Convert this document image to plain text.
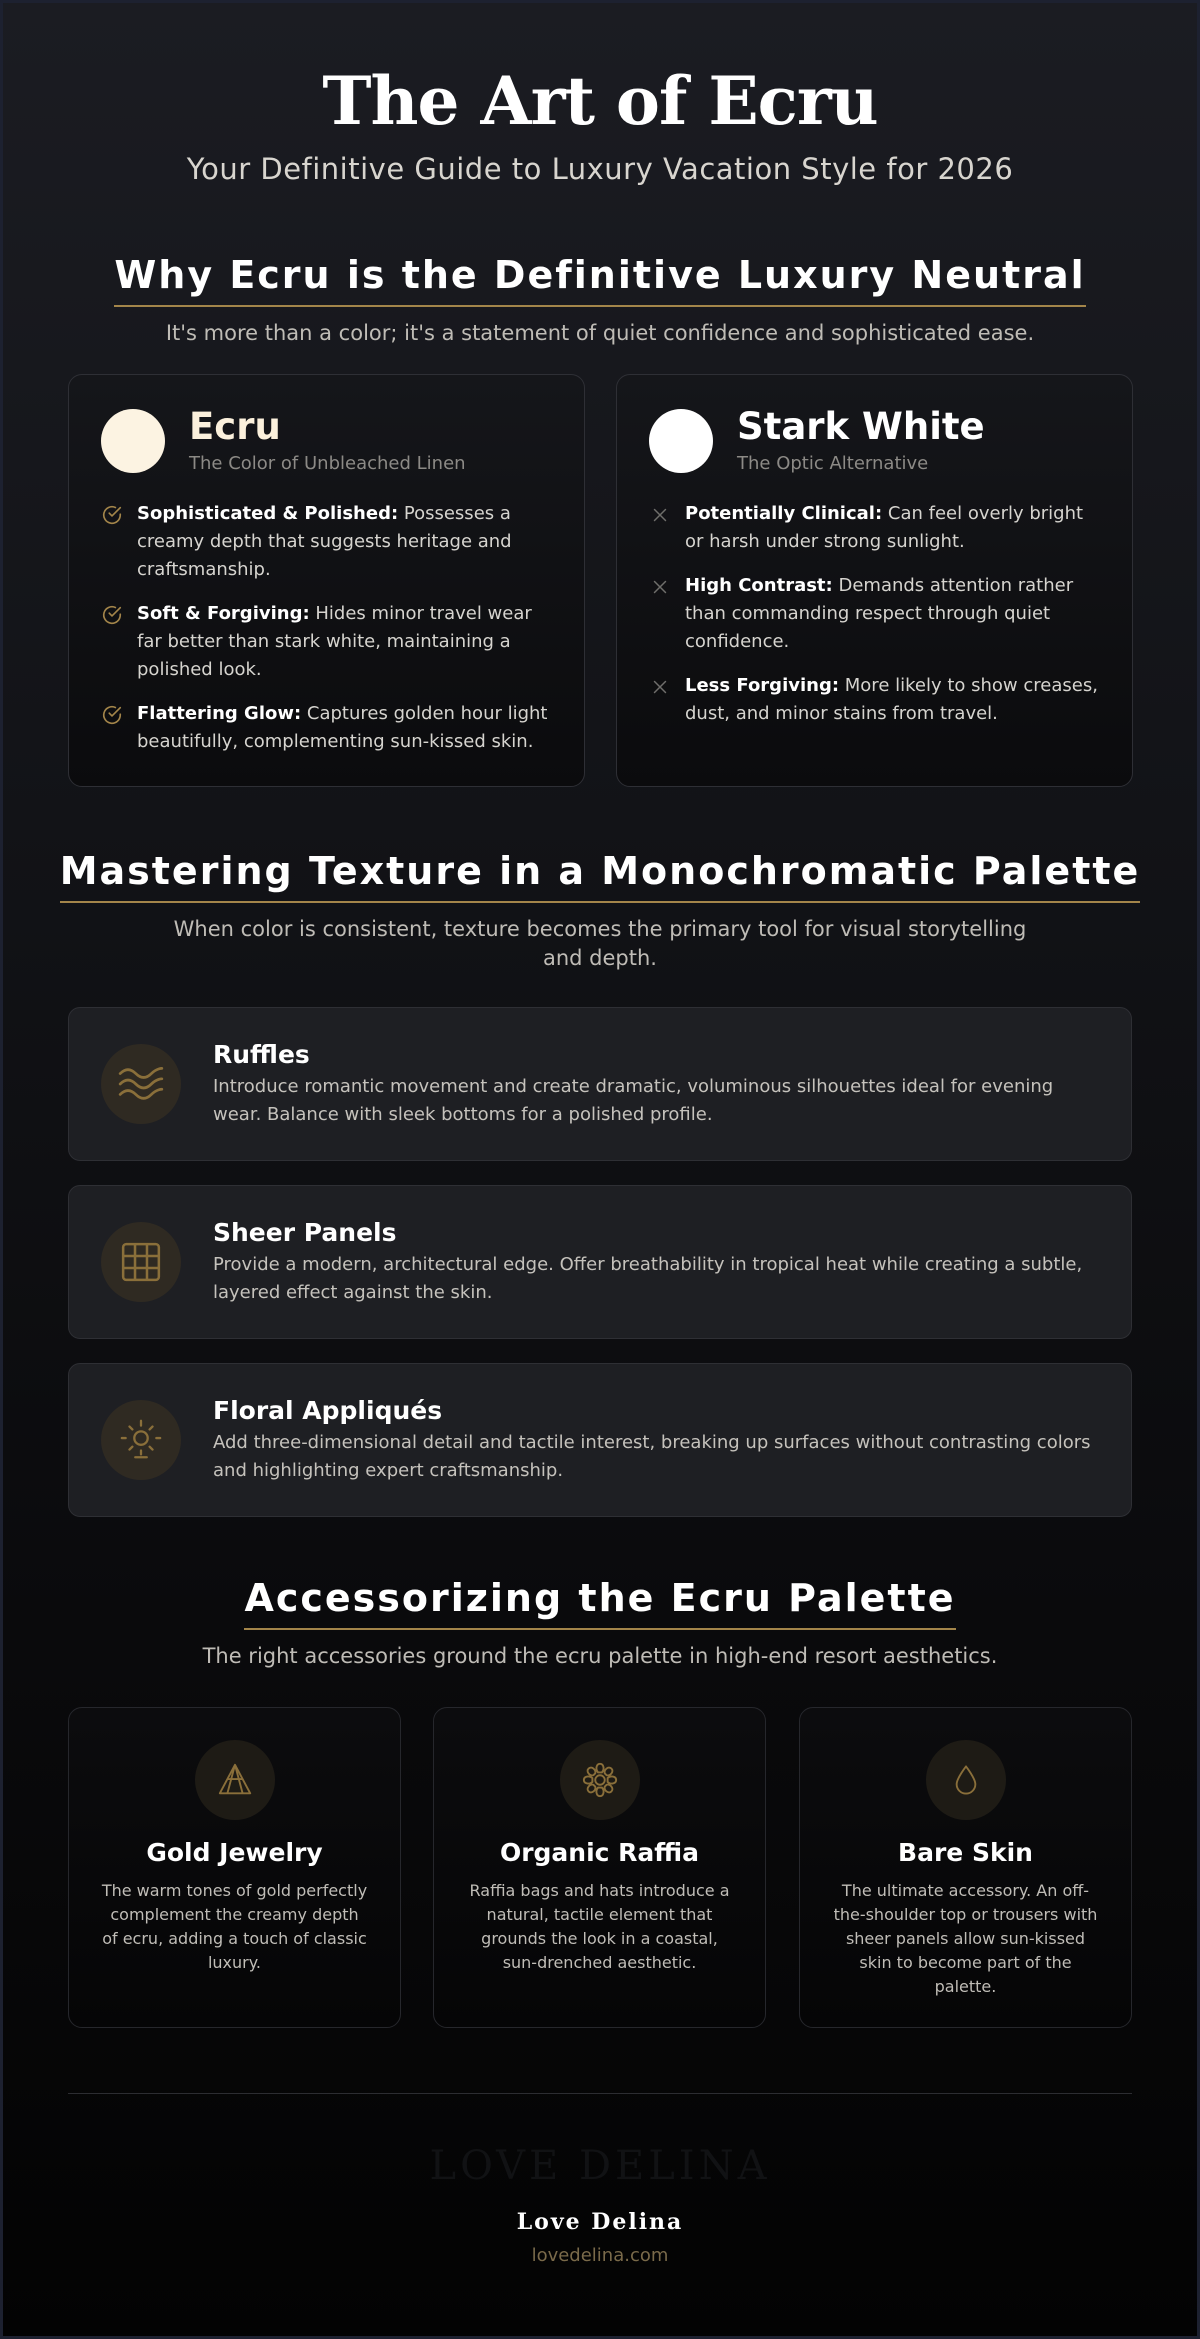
The Art of Ecru
Your Definitive Guide to Luxury Vacation Style for 2026
Why Ecru is the Definitive Luxury Neutral
It's more than a color; it's a statement of quiet confidence and sophisticated ease.
Ecru
The Color of Unbleached Linen
Sophisticated & Polished: Possesses a creamy depth that suggests heritage and craftsmanship.
Soft & Forgiving: Hides minor travel wear far better than stark white, maintaining a polished look.
Flattering Glow: Captures golden hour light beautifully, complementing sun-kissed skin.
Stark White
The Optic Alternative
Potentially Clinical: Can feel overly bright or harsh under strong sunlight.
High Contrast: Demands attention rather than commanding respect through quiet confidence.
Less Forgiving: More likely to show creases, dust, and minor stains from travel.
Mastering Texture in a Monochromatic Palette
When color is consistent, texture becomes the primary tool for visual storytelling and depth.
Ruffles
Introduce romantic movement and create dramatic, voluminous silhouettes ideal for evening wear. Balance with sleek bottoms for a polished profile.
Sheer Panels
Provide a modern, architectural edge. Offer breathability in tropical heat while creating a subtle, layered effect against the skin.
Floral Appliqués
Add three-dimensional detail and tactile interest, breaking up surfaces without contrasting colors and highlighting expert craftsmanship.
Accessorizing the Ecru Palette
The right accessories ground the ecru palette in high-end resort aesthetics.
Gold Jewelry
The warm tones of gold perfectly complement the creamy depth of ecru, adding a touch of classic luxury.
Organic Raffia
Raffia bags and hats introduce a natural, tactile element that grounds the look in a coastal, sun-drenched aesthetic.
Bare Skin
The ultimate accessory. An off-the-shoulder top or trousers with sheer panels allow sun-kissed skin to become part of the palette.
LOVE DELINA
Love Delina
lovedelina.com
